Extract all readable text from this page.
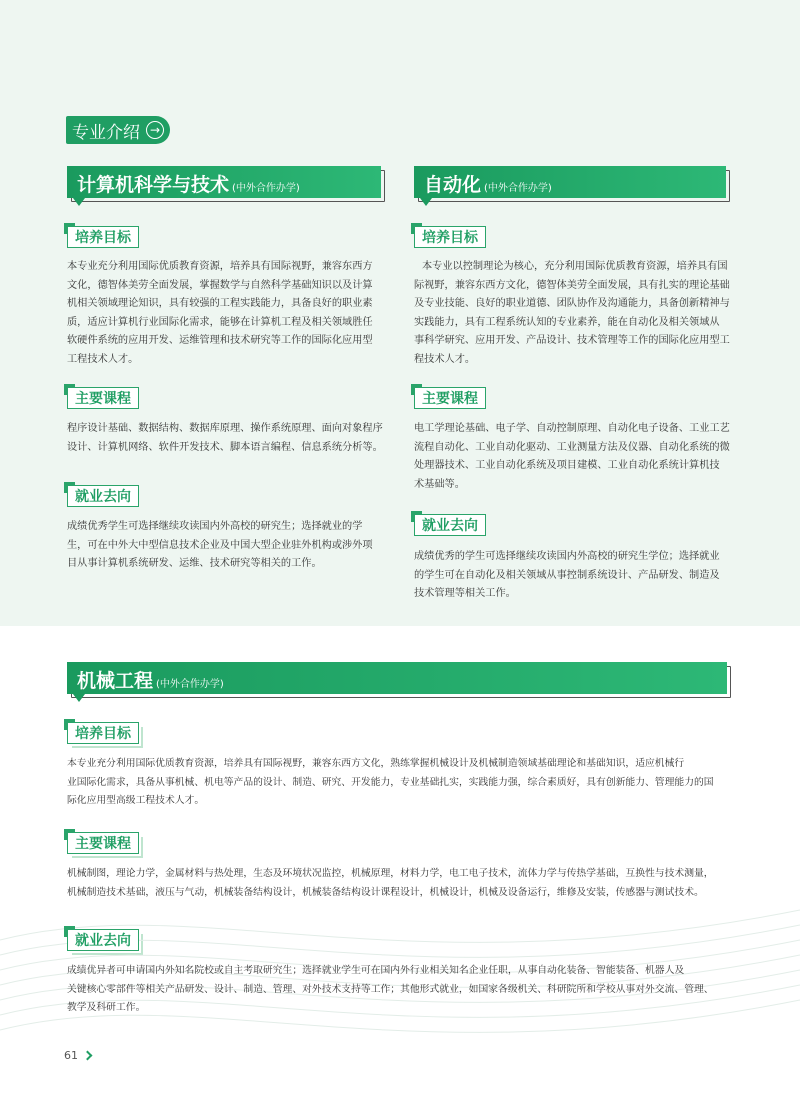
专业介绍 →
计算机科学与技术 (中外合作办学)
培养目标
本专业充分利用国际优质教育资源，培养具有国际视野，兼容东西方
文化，德智体美劳全面发展，掌握数学与自然科学基础知识以及计算
机相关领域理论知识，具有较强的工程实践能力，具备良好的职业素
质，适应计算机行业国际化需求，能够在计算机工程及相关领域胜任
软硬件系统的应用开发、运维管理和技术研究等工作的国际化应用型
工程技术人才。
主要课程
程序设计基础、数据结构、数据库原理、操作系统原理、面向对象程序
设计、计算机网络、软件开发技术、脚本语言编程、信息系统分析等。
就业去向
成绩优秀学生可选择继续攻读国内外高校的研究生；选择就业的学
生，可在中外大中型信息技术企业及中国大型企业驻外机构或涉外项
目从事计算机系统研发、运维、技术研究等相关的工作。
自动化 (中外合作办学)
培养目标
本专业以控制理论为核心，充分利用国际优质教育资源，培养具有国
际视野，兼容东西方文化，德智体美劳全面发展，具有扎实的理论基础
及专业技能、良好的职业道德、团队协作及沟通能力，具备创新精神与
实践能力，具有工程系统认知的专业素养，能在自动化及相关领域从
事科学研究、应用开发、产品设计、技术管理等工作的国际化应用型工
程技术人才。
主要课程
电工学理论基础、电子学、自动控制原理、自动化电子设备、工业工艺
流程自动化、工业自动化驱动、工业测量方法及仪器、自动化系统的微
处理器技术、工业自动化系统及项目建模、工业自动化系统计算机技
术基础等。
就业去向
成绩优秀的学生可选择继续攻读国内外高校的研究生学位；选择就业
的学生可在自动化及相关领域从事控制系统设计、产品研发、制造及
技术管理等相关工作。
机械工程 (中外合作办学)
培养目标
本专业充分利用国际优质教育资源，培养具有国际视野，兼容东西方文化，熟练掌握机械设计及机械制造领域基础理论和基础知识，适应机械行
业国际化需求，具备从事机械、机电等产品的设计、制造、研究、开发能力，专业基础扎实，实践能力强，综合素质好，具有创新能力、管理能力的国
际化应用型高级工程技术人才。
主要课程
机械制图，理论力学，金属材料与热处理，生态及环境状况监控，机械原理，材料力学，电工电子技术，流体力学与传热学基础，互换性与技术测量，
机械制造技术基础，液压与气动，机械装备结构设计，机械装备结构设计课程设计，机械设计，机械及设备运行，维修及安装，传感器与测试技术。
就业去向
成绩优异者可申请国内外知名院校或自主考取研究生；选择就业学生可在国内外行业相关知名企业任职，从事自动化装备、智能装备、机器人及
关键核心零部件等相关产品研发、设计、制造、管理、对外技术支持等工作；其他形式就业，如国家各级机关、科研院所和学校从事对外交流、管理、
教学及科研工作。
61
